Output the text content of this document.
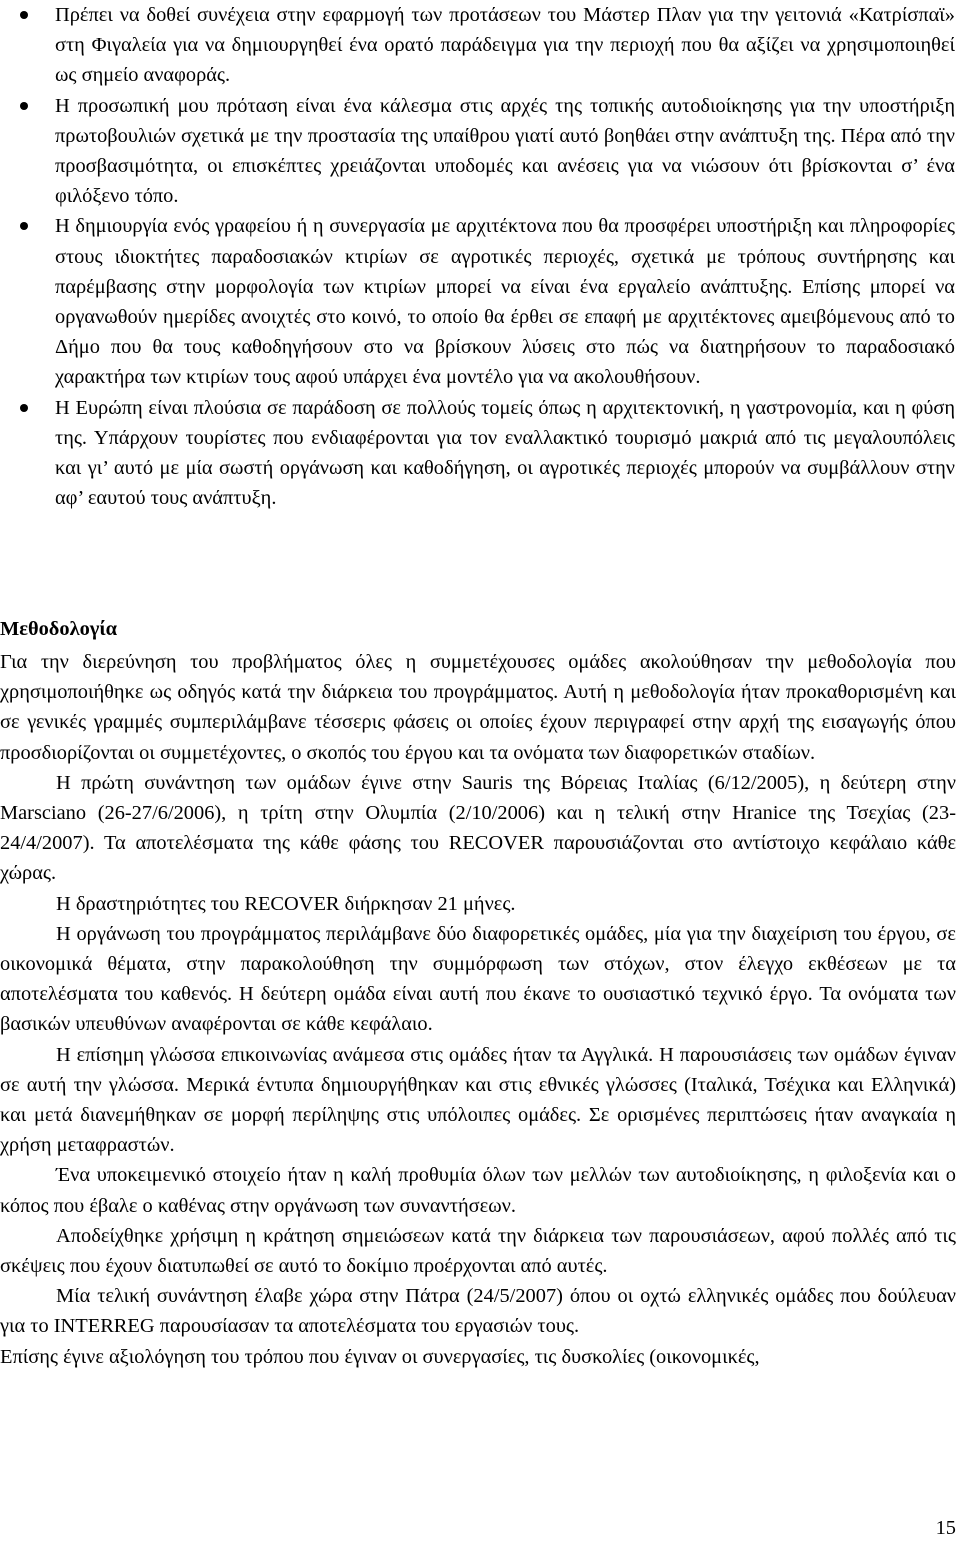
Πρέπει να δοθεί συνέχεια στην εφαρμογή των προτάσεων του Μάστερ Πλαν για την γειτονιά «Κατρίσπαϊ» στη Φιγαλεία για να δημιουργηθεί ένα ορατό παράδειγμα για την περιοχή που θα αξίζει να χρησιμοποιηθεί ως σημείο αναφοράς.
Η προσωπική μου πρόταση είναι ένα κάλεσμα στις αρχές της τοπικής αυτοδιοίκησης για την υποστήριξη πρωτοβουλιών σχετικά με την προστασία της υπαίθρου γιατί αυτό βοηθάει στην ανάπτυξη της. Πέρα από την προσβασιμότητα, οι επισκέπτες χρειάζονται υποδομές και ανέσεις για να νιώσουν ότι βρίσκονται σ’ ένα φιλόξενο τόπο.
Η δημιουργία ενός γραφείου ή η συνεργασία με αρχιτέκτονα που θα προσφέρει υποστήριξη και πληροφορίες στους ιδιοκτήτες παραδοσιακών κτιρίων σε αγροτικές περιοχές, σχετικά με τρόπους συντήρησης και παρέμβασης στην μορφολογία των κτιρίων μπορεί να είναι ένα εργαλείο ανάπτυξης. Επίσης μπορεί να οργανωθούν ημερίδες ανοιχτές στο κοινό, το οποίο θα έρθει σε επαφή με αρχιτέκτονες αμειβόμενους από το Δήμο που θα τους καθοδηγήσουν στο να βρίσκουν λύσεις στο πώς να διατηρήσουν το παραδοσιακό χαρακτήρα των κτιρίων τους αφού υπάρχει ένα μοντέλο για να ακολουθήσουν.
Η Ευρώπη είναι πλούσια σε παράδοση σε πολλούς τομείς όπως η αρχιτεκτονική, η γαστρονομία, και η φύση της. Υπάρχουν τουρίστες που ενδιαφέρονται για τον εναλλακτικό τουρισμό μακριά από τις μεγαλουπόλεις και γι’ αυτό με μία σωστή οργάνωση και καθοδήγηση, οι αγροτικές περιοχές μπορούν να συμβάλλουν στην αφ’ εαυτού τους ανάπτυξη.
Μεθοδολογία

Για την διερεύνηση του προβλήματος όλες η συμμετέχουσες ομάδες ακολούθησαν την μεθοδολογία που χρησιμοποιήθηκε ως οδηγός κατά την διάρκεια του προγράμματος. Αυτή η μεθοδολογία ήταν προκαθορισμένη και σε γενικές γραμμές συμπεριλάμβανε τέσσερις φάσεις οι οποίες έχουν περιγραφεί στην αρχή της εισαγωγής όπου προσδιορίζονται οι συμμετέχοντες, ο σκοπός του έργου και τα ονόματα των διαφορετικών σταδίων.

Η πρώτη συνάντηση των ομάδων έγινε στην Sauris της Βόρειας Ιταλίας (6/12/2005), η δεύτερη στην Marsciano (26-27/6/2006), η τρίτη στην Ολυμπία (2/10/2006) και η τελική στην Hranice της Τσεχίας (23-24/4/2007). Τα αποτελέσματα της κάθε φάσης του RECOVER παρουσιάζονται στο αντίστοιχο κεφάλαιο κάθε χώρας.

Η δραστηριότητες του RECOVER διήρκησαν 21 μήνες.

Η οργάνωση του προγράμματος περιλάμβανε δύο διαφορετικές ομάδες, μία για την διαχείριση του έργου, σε οικονομικά θέματα, στην παρακολούθηση την συμμόρφωση των στόχων, στον έλεγχο εκθέσεων με τα αποτελέσματα του καθενός. Η δεύτερη ομάδα είναι αυτή που έκανε το ουσιαστικό τεχνικό έργο. Τα ονόματα των βασικών υπευθύνων αναφέρονται σε κάθε κεφάλαιο.

Η επίσημη γλώσσα επικοινωνίας ανάμεσα στις ομάδες ήταν τα Αγγλικά. Η παρουσιάσεις των ομάδων έγιναν σε αυτή την γλώσσα. Μερικά έντυπα δημιουργήθηκαν και στις εθνικές γλώσσες (Ιταλικά, Τσέχικα και Ελληνικά) και μετά διανεμήθηκαν σε μορφή περίληψης στις υπόλοιπες ομάδες. Σε ορισμένες περιπτώσεις ήταν αναγκαία η χρήση μεταφραστών.

Ένα υποκειμενικό στοιχείο ήταν η καλή προθυμία όλων των μελλών των αυτοδιοίκησης, η φιλοξενία και ο κόπος που έβαλε ο καθένας στην οργάνωση των συναντήσεων.

Αποδείχθηκε χρήσιμη η κράτηση σημειώσεων κατά την διάρκεια των παρουσιάσεων, αφού πολλές από τις σκέψεις που έχουν διατυπωθεί σε αυτό το δοκίμιο προέρχονται από αυτές.

Μία τελική συνάντηση έλαβε χώρα στην Πάτρα (24/5/2007) όπου οι οχτώ ελληνικές ομάδες που δούλευαν για το INTERREG παρουσίασαν τα αποτελέσματα του εργασιών τους.

Επίσης έγινε αξιολόγηση του τρόπου που έγιναν οι συνεργασίες, τις δυσκολίες (οικονομικές,

15
